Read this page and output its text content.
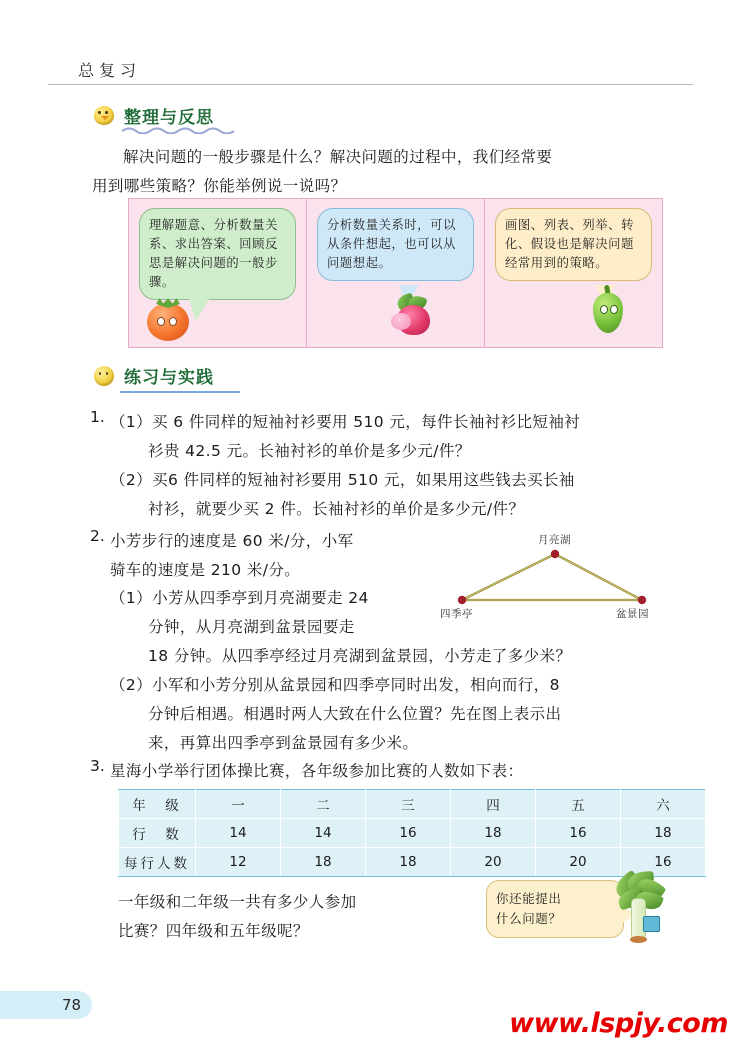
总复习
整理与反思
解决问题的一般步骤是什么？解决问题的过程中，我们经常要
用到哪些策略？你能举例说一说吗？
理解题意、分析数量关系、求出答案、回顾反思是解决问题的一般步骤。
分析数量关系时，可以从条件想起，也可以从问题想起。
画图、列表、列举、转化、假设也是解决问题经常用到的策略。
练习与实践
1. （1） 买 6 件同样的短袖衬衫要用 510 元，每件长袖衬衫比短袖衬
衫贵 42.5 元。长袖衬衫的单价是多少元/件？
（2） 买6 件同样的短袖衬衫要用 510 元，如果用这些钱去买长袖
衬衫，就要少买 2 件。长袖衬衫的单价是多少元/件？
2. 小芳步行的速度是 60 米/分，小军
骑车的速度是 210 米/分。
月亮湖
四季亭	盆景园
（1） 小芳从四季亭到月亮湖要走 24
分钟，从月亮湖到盆景园要走
18 分钟。从四季亭经过月亮湖到盆景园，小芳走了多少米？
（2） 小军和小芳分别从盆景园和四季亭同时出发，相向而行，8
分钟后相遇。相遇时两人大致在什么位置？先在图上表示出
来，再算出四季亭到盆景园有多少米。
3. 星海小学举行团体操比赛，各年级参加比赛的人数如下表：
年　级	一	二	三	四	五	六
行　数	14	14	16	18	16	18
每行人数	12	18	18	20	20	16
一年级和二年级一共有多少人参加
比赛？四年级和五年级呢？
你还能提出
什么问题？
78
www.lspjy.com
